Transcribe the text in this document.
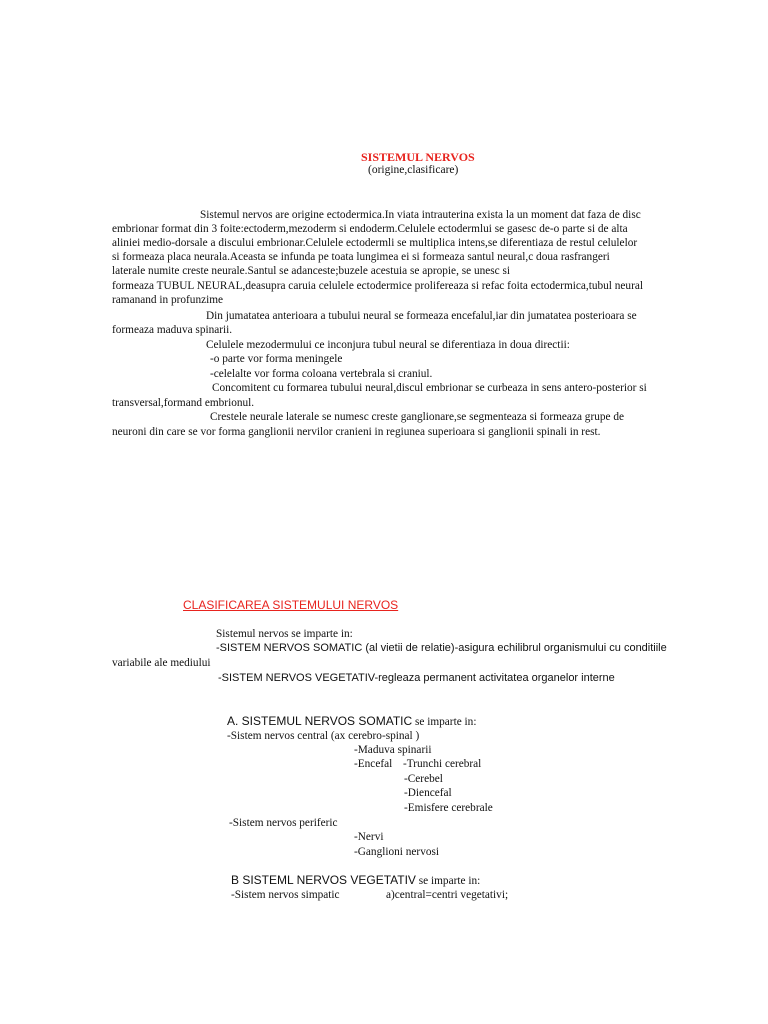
SISTEMUL NERVOS
(origine,clasificare)
Sistemul nervos are origine ectodermica.In viata intrauterina exista la un moment dat faza de disc
embrionar format din 3 foite:ectoderm,mezoderm si endoderm.Celulele ectodermlui se gasesc de-o parte si de alta
aliniei medio-dorsale a discului embrionar.Celulele ectodermli se multiplica intens,se diferentiaza de restul celulelor
si formeaza placa neurala.Aceasta se infunda pe toata lungimea ei si formeaza santul neural,c doua rasfrangeri
laterale numite creste neurale.Santul se adanceste;buzele acestuia se apropie, se unesc si
formeaza TUBUL NEURAL,deasupra caruia celulele ectodermice prolifereaza si refac foita ectodermica,tubul neural
ramanand in profunzime
Din jumatatea anterioara a tubului neural se formeaza encefalul,iar din jumatatea posterioara se
formeaza maduva spinarii.
Celulele mezodermului ce inconjura tubul neural se diferentiaza in doua directii:
-o parte vor forma meningele
-celelalte vor forma coloana vertebrala si craniul.
Concomitent cu formarea tubului neural,discul embrionar se curbeaza in sens antero-posterior si
transversal,formand embrionul.
Crestele neurale laterale se numesc creste ganglionare,se segmenteaza si formeaza grupe de
neuroni din care se vor forma ganglionii nervilor cranieni in regiunea superioara si ganglionii spinali in rest.
CLASIFICAREA SISTEMULUI NERVOS
Sistemul nervos se imparte in:
-SISTEM NERVOS SOMATIC (al vietii de relatie)-asigura echilibrul organismului cu conditiile
variabile ale mediului
-SISTEM NERVOS VEGETATIV-regleaza permanent activitatea organelor interne
A. SISTEMUL NERVOS SOMATIC se imparte in:
-Sistem nervos central (ax cerebro-spinal )
-Maduva spinarii
-Encefal -Trunchi cerebral
-Cerebel
-Diencefal
-Emisfere cerebrale
-Sistem nervos periferic
-Nervi
-Ganglioni nervosi
B SISTEML NERVOS VEGETATIV se imparte in:
-Sistem nervos simpatic	a)central=centri vegetativi;
